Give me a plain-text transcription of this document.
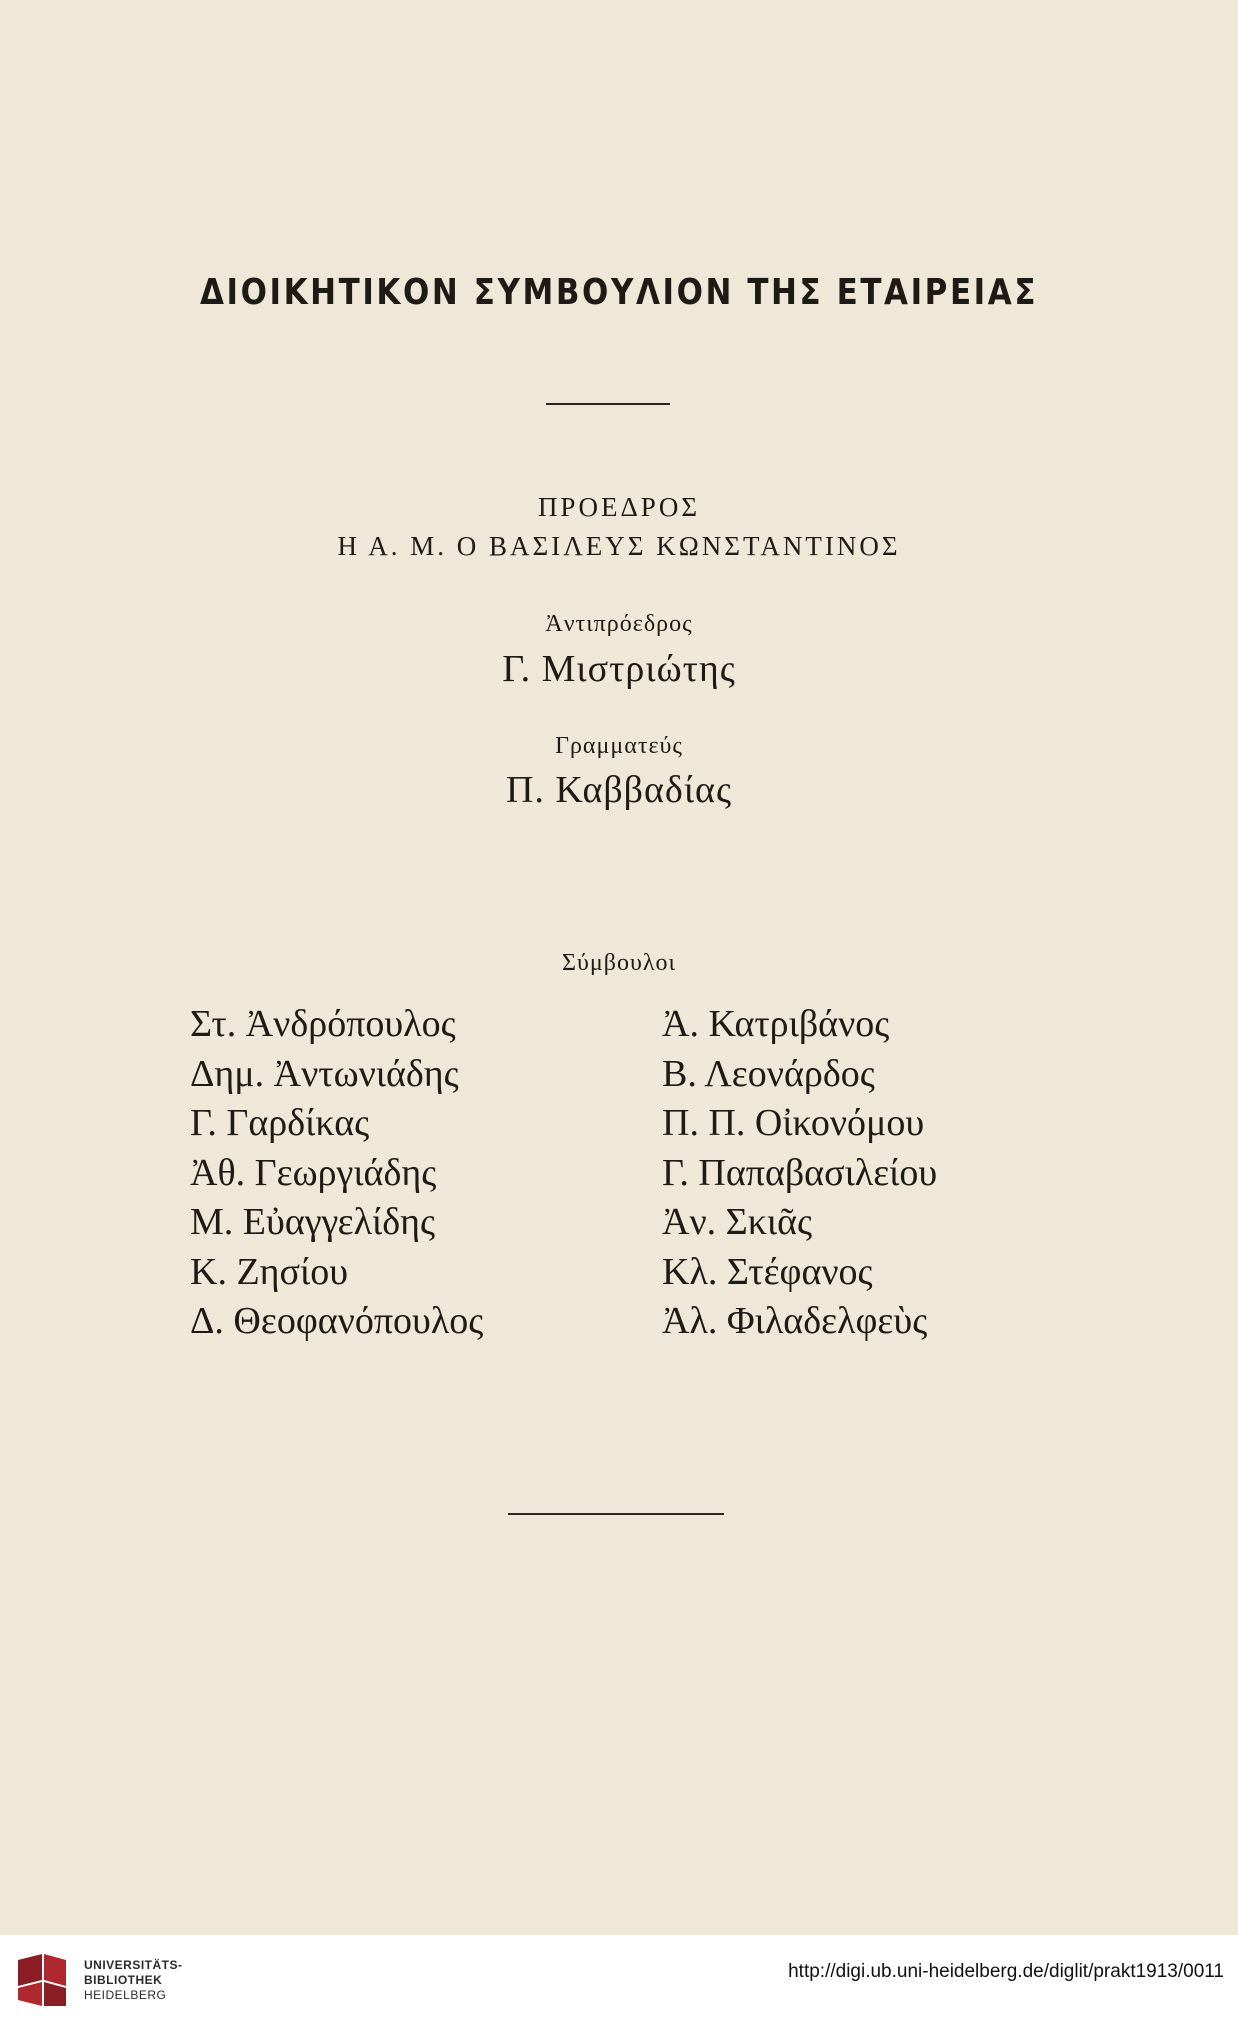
ΔΙΟΙΚΗΤΙΚΟΝ ΣΥΜΒΟΥΛΙΟΝ ΤΗΣ ΕΤΑΙΡΕΙΑΣ
ΠΡΟΕΔΡΟΣ
Η Α. Μ. Ο ΒΑΣΙΛΕΥΣ ΚΩΝΣΤΑΝΤΙΝΟΣ
Ἀντιπρόεδρος
Γ. Μιστριώτης
Γραμματεύς
Π. Καββαδίας
Σύμβουλοι
Στ. Ἀνδρόπουλος
Δημ. Ἀντωνιάδης
Γ. Γαρδίκας
Ἀθ. Γεωργιάδης
Μ. Εὐαγγελίδης
Κ. Ζησίου
Δ. Θεοφανόπουλος
Ἀ. Κατριβάνος
Β. Λεονάρδος
Π. Π. Οἰκονόμου
Γ. Παπαβασιλείου
Ἀν. Σκιᾶς
Κλ. Στέφανος
Ἀλ. Φιλαδελφεὺς
UNIVERSITÄTS-
BIBLIOTHEK
HEIDELBERG
http://digi.ub.uni-heidelberg.de/diglit/prakt1913/0011
